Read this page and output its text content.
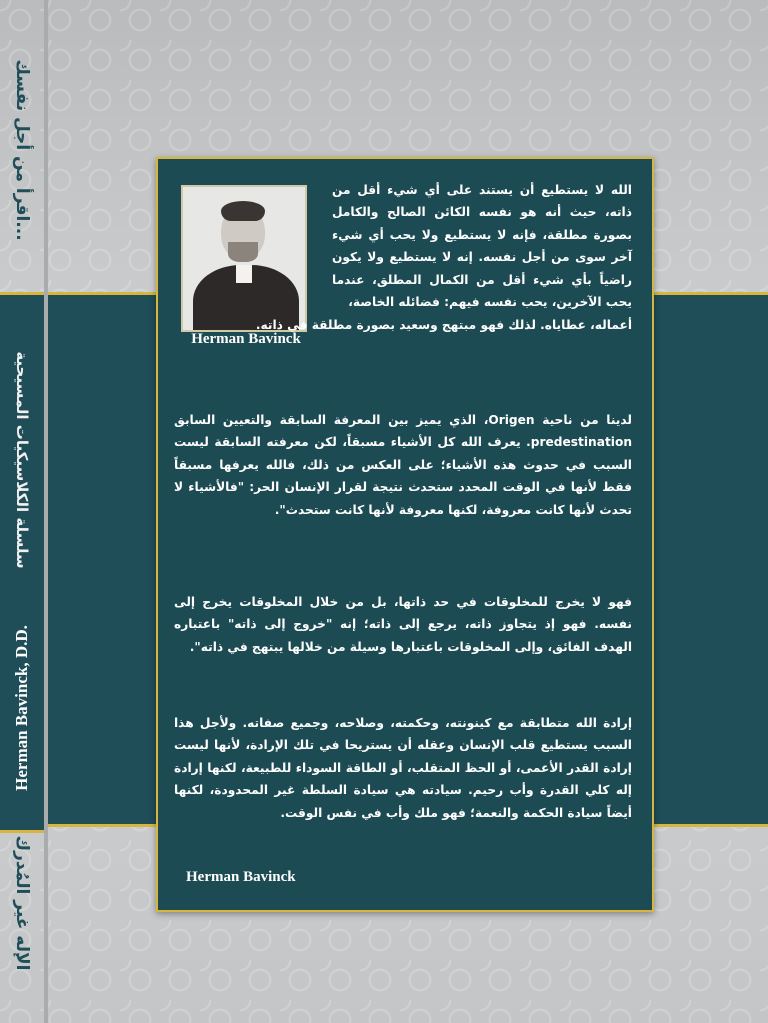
اقرأ من أجل نفسك...
سلسلة الكلاسيكيات المسيحية
Herman Bavinck, D.D.
الإله غير المُدرك
Herman Bavinck

الله لا يستطيع أن يستند على أي شيء أقل من ذاته، حيث أنه هو نفسه الكائن الصالح والكامل بصورة مطلقة، فإنه لا يستطيع ولا يحب أي شيء آخر سوى من أجل نفسه. إنه لا يستطيع ولا يكون راضياً بأي شيء أقل من الكمال المطلق، عندما يحب الآخرين، يحب نفسه فيهم: فضائله الخاصة،

أعماله، عطاياه. لذلك فهو مبتهج وسعيد بصورة مطلقة في ذاته.

لدينا من ناحية Origen، الذي يميز بين المعرفة السابقة والتعيين السابق predestination. يعرف الله كل الأشياء مسبقاً، لكن معرفته السابقة ليست السبب في حدوث هذه الأشياء؛ على العكس من ذلك، فالله يعرفها مسبقاً فقط لأنها في الوقت المحدد ستحدث نتيجة لقرار الإنسان الحر: "فالأشياء لا تحدث لأنها كانت معروفة، لكنها معروفة لأنها كانت ستحدث".

فهو لا يخرج للمخلوقات في حد ذاتها، بل من خلال المخلوقات يخرج إلى نفسه. فهو إذ يتجاوز ذاته، يرجع إلى ذاته؛ إنه "خروج إلى ذاته" باعتباره الهدف الفائق، وإلى المخلوقات باعتبارها وسيلة من خلالها يبتهج في ذاته".

إرادة الله متطابقة مع كينونته، وحكمته، وصلاحه، وجميع صفاته. ولأجل هذا السبب يستطيع قلب الإنسان وعقله أن يستريحا في تلك الإرادة، لأنها ليست إرادة القدر الأعمى، أو الحظ المتقلب، أو الطاقة السوداء للطبيعة، لكنها إرادة إله كلي القدرة وأب رحيم. سيادته هي سيادة السلطة غير المحدودة، لكنها أيضاً سيادة الحكمة والنعمة؛ فهو ملك وأب في نفس الوقت.

Herman Bavinck
